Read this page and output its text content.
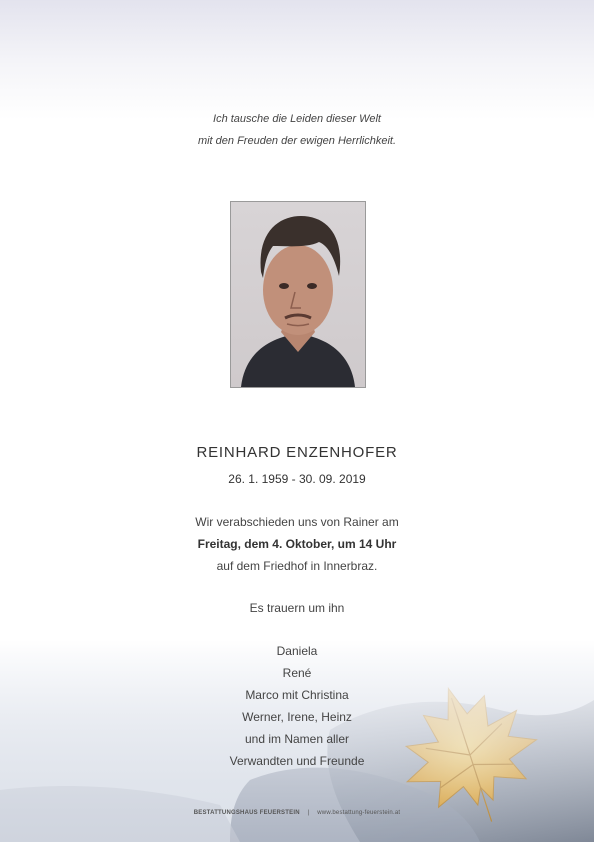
Ich tausche die Leiden dieser Welt
mit den Freuden der ewigen Herrlichkeit.
REINHARD ENZENHOFER
26. 1. 1959 - 30. 09. 2019
Wir verabschieden uns von Rainer am
Freitag, dem 4. Oktober, um 14 Uhr
auf dem Friedhof in Innerbraz.
Es trauern um ihn
Daniela
René
Marco mit Christina
Werner, Irene, Heinz
und im Namen aller
Verwandten und Freunde
BESTATTUNGSHAUS FEUERSTEIN | www.bestattung-feuerstein.at
